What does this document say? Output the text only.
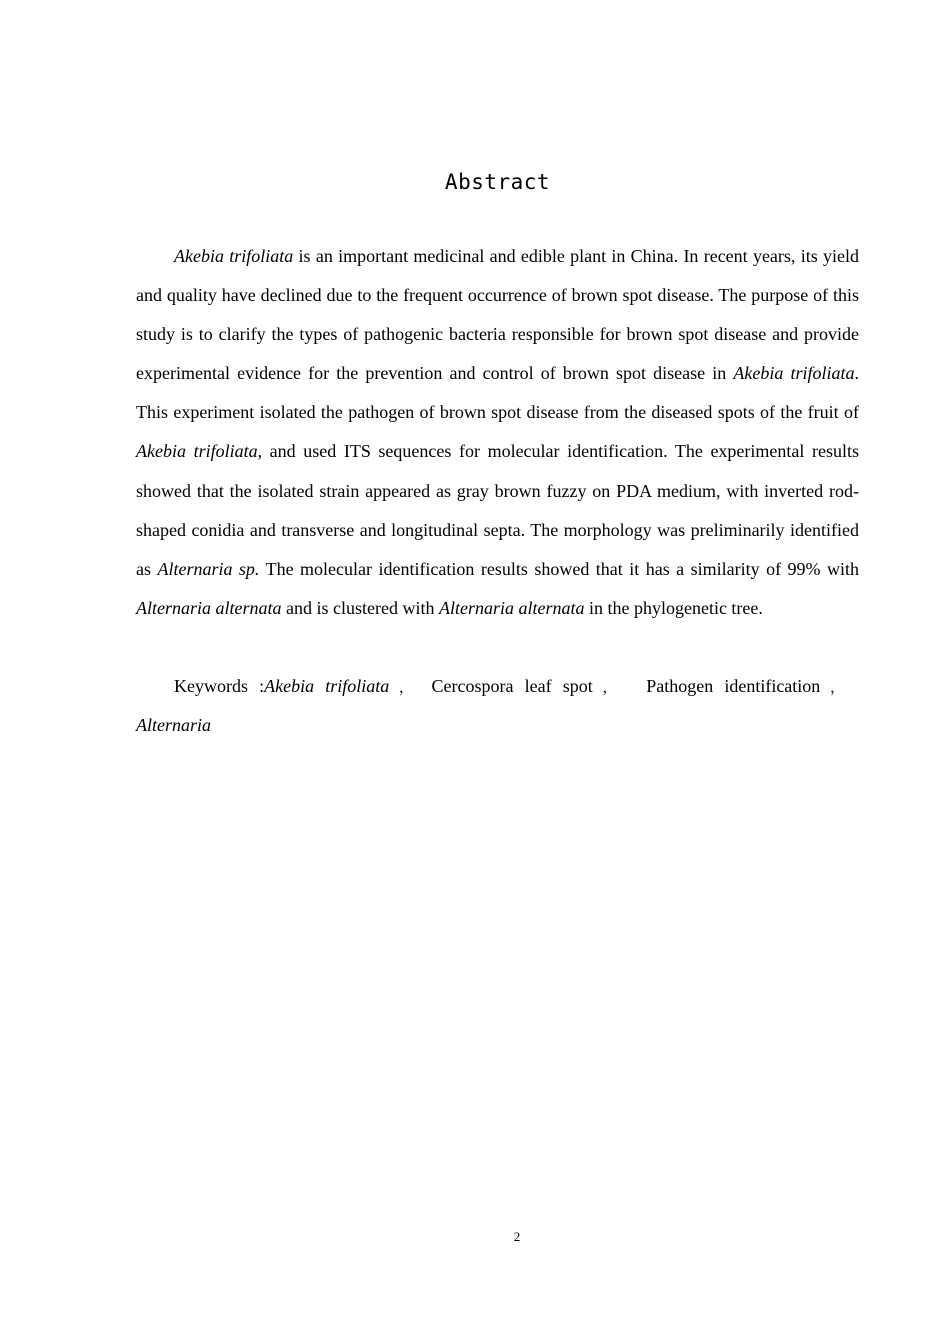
Abstract

Akebia trifoliata is an important medicinal and edible plant in China. In recent years, its yield and quality have declined due to the frequent occurrence of brown spot disease. The purpose of this study is to clarify the types of pathogenic bacteria responsible for brown spot disease and provide experimental evidence for the prevention and control of brown spot disease in Akebia trifoliata. This experiment isolated the pathogen of brown spot disease from the diseased spots of the fruit of Akebia trifoliata, and used ITS sequences for molecular identification. The experimental results showed that the isolated strain appeared as gray brown fuzzy on PDA medium, with inverted rod-shaped conidia and transverse and longitudinal septa. The morphology was preliminarily identified as Alternaria sp. The molecular identification results showed that it has a similarity of 99% with Alternaria alternata and is clustered with Alternaria alternata in the phylogenetic tree.

Keywords :Akebia trifoliata ， Cercospora leaf spot ， Pathogen identification ，Alternaria

2
